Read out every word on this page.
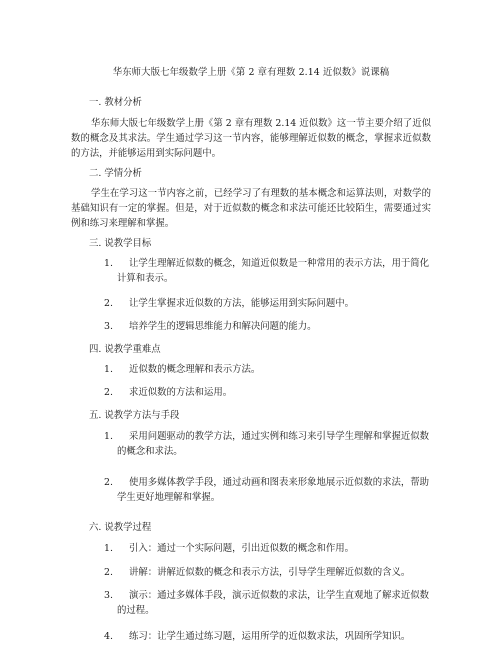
华东师大版七年级数学上册《第 2 章有理数 2.14 近似数》说课稿
一. 教材分析
华东师大版七年级数学上册《第 2 章有理数 2.14 近似数》这一节主要介绍了近似数的概念及其求法。学生通过学习这一节内容，能够理解近似数的概念，掌握求近似数的方法，并能够运用到实际问题中。
二. 学情分析
学生在学习这一节内容之前，已经学习了有理数的基本概念和运算法则，对数学的基础知识有一定的掌握。但是，对于近似数的概念和求法可能还比较陌生，需要通过实例和练习来理解和掌握。
三. 说教学目标
1. 让学生理解近似数的概念，知道近似数是一种常用的表示方法，用于简化计算和表示。
2. 让学生掌握求近似数的方法，能够运用到实际问题中。
3. 培养学生的逻辑思维能力和解决问题的能力。
四. 说教学重难点
1. 近似数的概念理解和表示方法。
2. 求近似数的方法和运用。
五. 说教学方法与手段
1. 采用问题驱动的教学方法，通过实例和练习来引导学生理解和掌握近似数的概念和求法。
2. 使用多媒体教学手段，通过动画和图表来形象地展示近似数的求法，帮助学生更好地理解和掌握。
六. 说教学过程
1. 引入：通过一个实际问题，引出近似数的概念和作用。
2. 讲解：讲解近似数的概念和表示方法，引导学生理解近似数的含义。
3. 演示：通过多媒体手段，演示近似数的求法，让学生直观地了解求近似数的过程。
4. 练习：让学生通过练习题，运用所学的近似数求法，巩固所学知识。
